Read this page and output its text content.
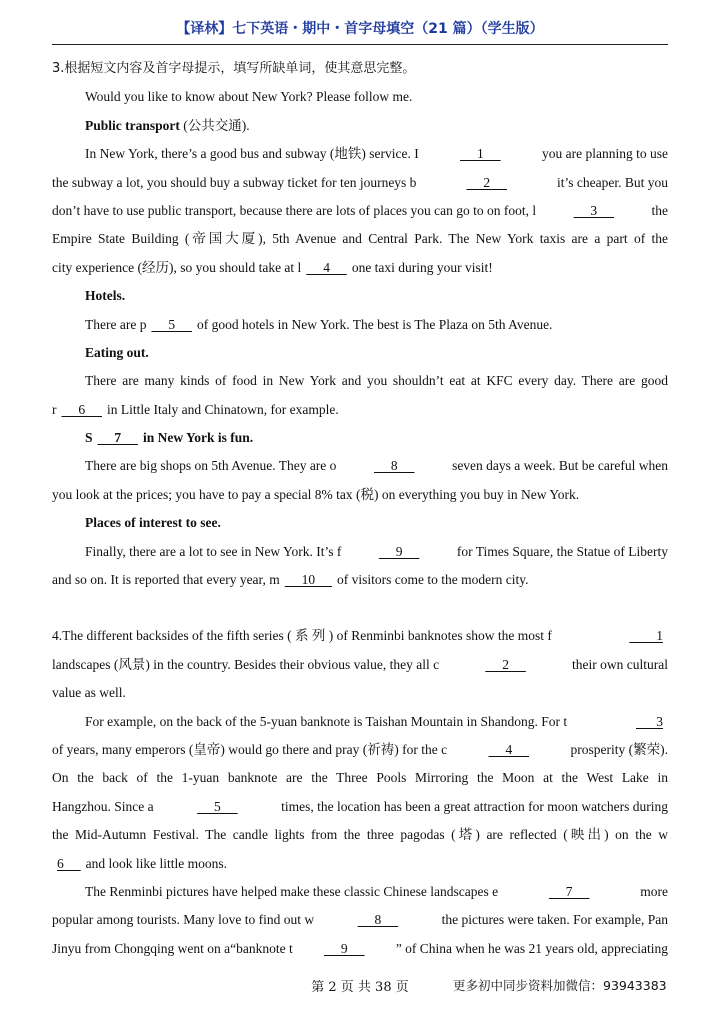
【译林】七下英语・期中・首字母填空（21 篇）（学生版）
3.根据短文内容及首字母提示，填写所缺单词，使其意思完整。
Would you like to know about New York? Please follow me.
Public transport (公共交通).
In New York, there’s a good bus and subway (地铁) service. I	1	you are planning to use
the subway a lot, you should buy a subway ticket for ten journeys b	2	it’s cheaper. But you
don’t have to use public transport, because there are lots of places you can go to on foot, l	3	the
Empire State Building (帝国大厦), 5th Avenue and Central Park. The New York taxis are a part of the
city experience (经历), so you should take at l 4 one taxi during your visit!
Hotels.
There are p 5 of good hotels in New York. The best is The Plaza on 5th Avenue.
Eating out.
There are many kinds of food in New York and you shouldn’t eat at KFC every day. There are good
r 6 in Little Italy and Chinatown, for example.
S 7 in New York is fun.
There are big shops on 5th Avenue. They are o	8	seven days a week. But be careful when
you look at the prices; you have to pay a special 8% tax (税) on everything you buy in New York.
Places of interest to see.
Finally, there are a lot to see in New York. It’s f	9	for Times Square, the Statue of Liberty
and so on. It is reported that every year, m 10 of visitors come to the modern city.
4.The different backsides of the fifth series ( 系 列 ) of Renminbi banknotes show the most f	1
landscapes (风景) in the country. Besides their obvious value, they all c	2	their own cultural
value as well.
For example, on the back of the 5-yuan banknote is Taishan Mountain in Shandong. For t	3
of years, many emperors (皇帝) would go there and pray (祈祷) for the c	4	prosperity (繁荣).
On the back of the 1-yuan banknote are the Three Pools Mirroring the Moon at the West Lake in
Hangzhou. Since a	5	times, the location has been a great attraction for moon watchers during
the Mid-Autumn Festival. The candle lights from the three pagodas (塔) are reflected (映出) on the w
6 and look like little moons.
The Renminbi pictures have helped make these classic Chinese landscapes e	7	more
popular among tourists. Many love to find out w	8	the pictures were taken. For example, Pan
Jinyu from Chongqing went on a“banknote t 9 ” of China when he was 21 years old, appreciating
第 2 页 共 38 页	更多初中同步资料加微信：93943383
